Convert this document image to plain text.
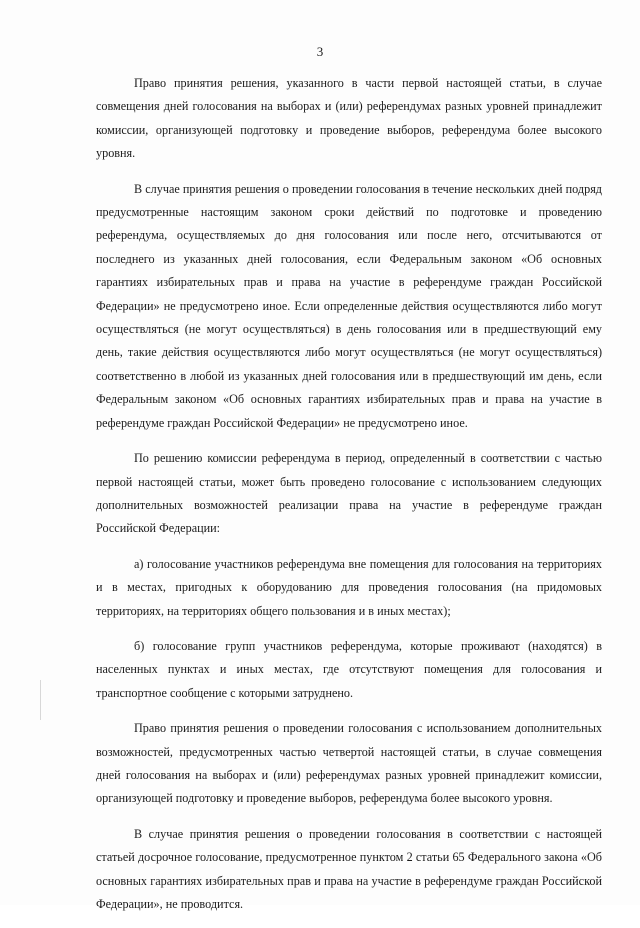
3

Право принятия решения, указанного в части первой настоящей статьи, в случае совмещения дней голосования на выборах и (или) референдумах разных уровней принадлежит комиссии, организующей подготовку и проведение выборов, референдума более высокого уровня.

В случае принятия решения о проведении голосования в течение нескольких дней подряд предусмотренные настоящим законом сроки действий по подготовке и проведению референдума, осуществляемых до дня голосования или после него, отсчитываются от последнего из указанных дней голосования, если Федеральным законом «Об основных гарантиях избирательных прав и права на участие в референдуме граждан Российской Федерации» не предусмотрено иное. Если определенные действия осуществляются либо могут осуществляться (не могут осуществляться) в день голосования или в предшествующий ему день, такие действия осуществляются либо могут осуществляться (не могут осуществляться) соответственно в любой из указанных дней голосования или в предшествующий им день, если Федеральным законом «Об основных гарантиях избирательных прав и права на участие в референдуме граждан Российской Федерации» не предусмотрено иное.

По решению комиссии референдума в период, определенный в соответствии с частью первой настоящей статьи, может быть проведено голосование с использованием следующих дополнительных возможностей реализации права на участие в референдуме граждан Российской Федерации:

а) голосование участников референдума вне помещения для голосования на территориях и в местах, пригодных к оборудованию для проведения голосования (на придомовых территориях, на территориях общего пользования и в иных местах);

б) голосование групп участников референдума, которые проживают (находятся) в населенных пунктах и иных местах, где отсутствуют помещения для голосования и транспортное сообщение с которыми затруднено.

Право принятия решения о проведении голосования с использованием дополнительных возможностей, предусмотренных частью четвертой настоящей статьи, в случае совмещения дней голосования на выборах и (или) референдумах разных уровней принадлежит комиссии, организующей подготовку и проведение выборов, референдума более высокого уровня.

В случае принятия решения о проведении голосования в соответствии с настоящей статьей досрочное голосование, предусмотренное пунктом 2 статьи 65 Федерального закона «Об основных гарантиях избирательных прав и права на участие в референдуме граждан Российской Федерации», не проводится.
